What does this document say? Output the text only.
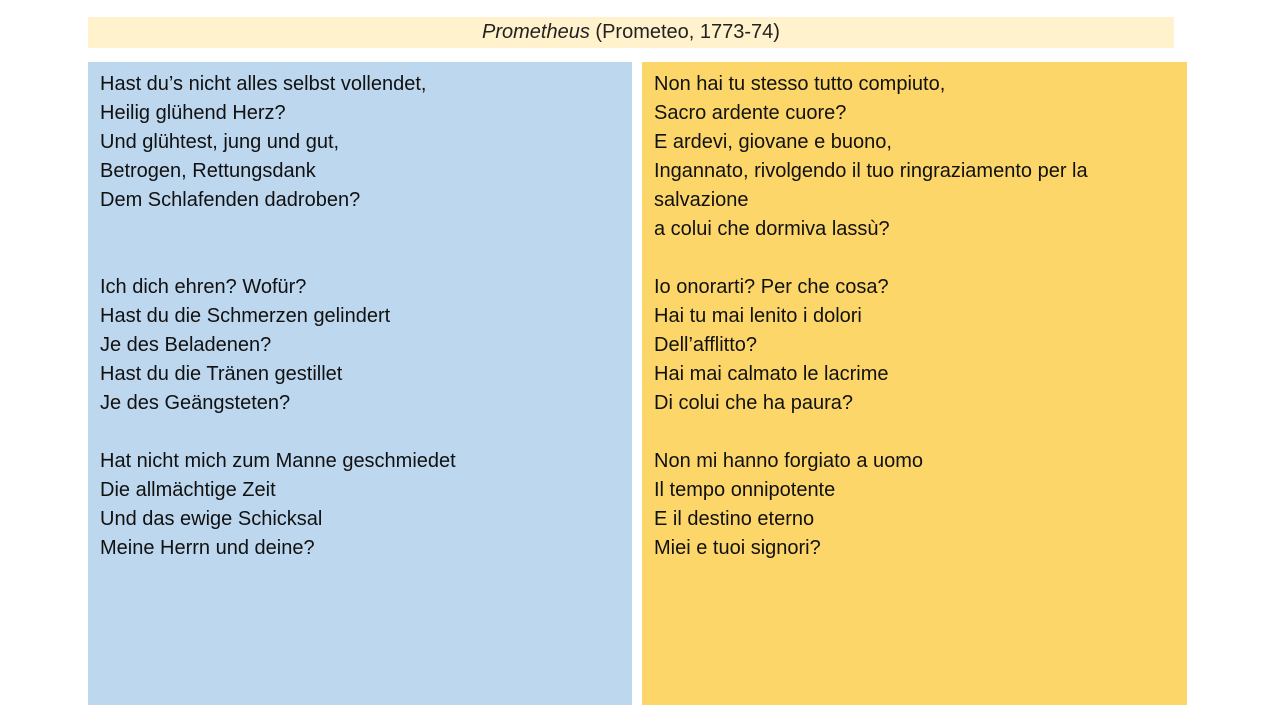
Prometheus (Prometeo, 1773-74)
Hast du’s nicht alles selbst vollendet,
Heilig glühend Herz?
Und glühtest, jung und gut,
Betrogen, Rettungsdank
Dem Schlafenden dadroben?
Ich dich ehren? Wofür?
Hast du die Schmerzen gelindert
Je des Beladenen?
Hast du die Tränen gestillet
Je des Geängsteten?
Hat nicht mich zum Manne geschmiedet
Die allmächtige Zeit
Und das ewige Schicksal
Meine Herrn und deine?
Non hai tu stesso tutto compiuto,
Sacro ardente cuore?
E ardevi, giovane e buono,
Ingannato, rivolgendo il tuo ringraziamento per la salvazione
a colui che dormiva lassù?
Io onorarti? Per che cosa?
Hai tu mai lenito i dolori
Dell’afflitto?
Hai mai calmato le lacrime
Di colui che ha paura?
Non mi hanno forgiato a uomo
Il tempo onnipotente
E il destino eterno
Miei e tuoi signori?
